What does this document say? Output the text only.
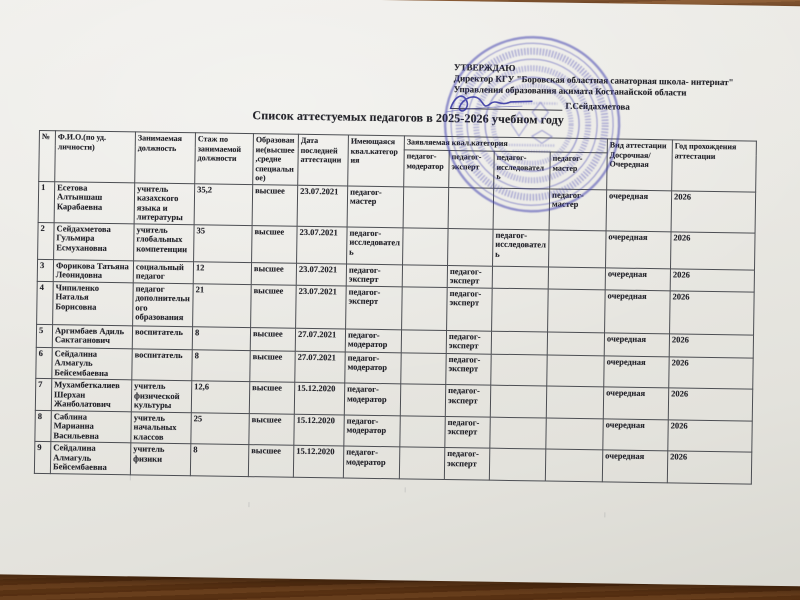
УТВЕРЖДАЮ
Директор КГУ "Боровская областная санаторная школа- интернат"
Управления образования акимата Костанайской области
Г.Сейдахметова
Список аттестуемых педагогов в 2025-2026 учебном году
№	Ф.И.О.(по уд. личности)	Занимаемая должность	Стаж по занимаемой должности	Образование(высшее,средне специальное)	Дата последней аттестации	Имеющаяся квал.категория	Заявляемая квал.категория				Вид аттестации Досрочная/Очередная	Год прохождения аттестации
							педагог-модератор	педагог-эксперт	педагог-исследователь	педагог-мастер		
1	Есетова Алтыншаш Карабаевна	учитель казахского языка и литературы	35,2	высшее	23.07.2021	педагог-мастер				педагог-мастер	очередная	2026
2	Сейдахметова Гульмира Есмухановна	учитель глобальных компетенции	35	высшее	23.07.2021	педагог-исследователь			педагог-исследователь		очередная	2026
3	Форикова Татьяна Леонидовна	социальный педагог	12	высшее	23.07.2021	педагог-эксперт		педагог-эксперт			очередная	2026
4	Чипиленко Наталья Борисовна	педагог дополнительного образования	21	высшее	23.07.2021	педагог-эксперт		педагог-эксперт			очередная	2026
5	Аргимбаев Адиль Сактаганович	воспитатель	8	высшее	27.07.2021	педагог-модератор		педагог-эксперт			очередная	2026
6	Сейдалина Алмагуль Бейсембаевна	воспитатель	8	высшее	27.07.2021	педагог-модератор		педагог-эксперт			очередная	2026
7	Мухамбеткалиев Шерхан Жанболатович	учитель физической культуры	12,6	высшее	15.12.2020	педагог-модератор		педагог-эксперт			очередная	2026
8	Саблина Марианна Васильевна	учитель начальных классов	25	высшее	15.12.2020	педагог-модератор		педагог-эксперт			очередная	2026
9	Сейдалина Алмагуль Бейсембаевна	учитель физики	8	высшее	15.12.2020	педагог-модератор		педагог-эксперт			очередная	2026
